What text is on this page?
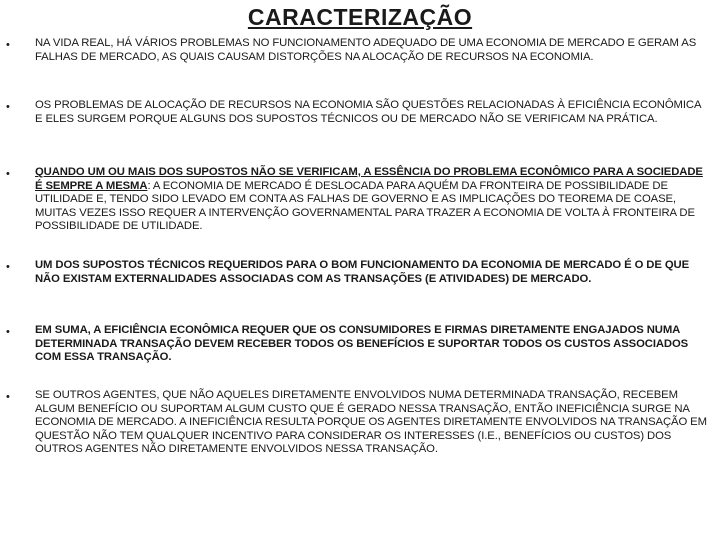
CARACTERIZAÇÃO
• NA VIDA REAL, HÁ VÁRIOS PROBLEMAS NO FUNCIONAMENTO ADEQUADO DE UMA ECONOMIA DE MERCADO E GERAM AS FALHAS DE MERCADO, AS QUAIS CAUSAM DISTORÇÕES NA ALOCAÇÃO DE RECURSOS NA ECONOMIA.
• OS PROBLEMAS DE ALOCAÇÃO DE RECURSOS NA ECONOMIA SÃO QUESTÕES RELACIONADAS À EFICIÊNCIA ECONÔMICA E ELES SURGEM PORQUE ALGUNS DOS SUPOSTOS TÉCNICOS OU DE MERCADO NÃO SE VERIFICAM NA PRÁTICA.
• QUANDO UM OU MAIS DOS SUPOSTOS NÃO SE VERIFICAM, A ESSÊNCIA DO PROBLEMA ECONÔMICO PARA A SOCIEDADE É SEMPRE A MESMA: A ECONOMIA DE MERCADO É DESLOCADA PARA AQUÉM DA FRONTEIRA DE POSSIBILIDADE DE UTILIDADE E, TENDO SIDO LEVADO EM CONTA AS FALHAS DE GOVERNO E AS IMPLICAÇÕES DO TEOREMA DE COASE, MUITAS VEZES ISSO REQUER A INTERVENÇÃO GOVERNAMENTAL PARA TRAZER A ECONOMIA DE VOLTA À FRONTEIRA DE POSSIBILIDADE DE UTILIDADE.
• UM DOS SUPOSTOS TÉCNICOS REQUERIDOS PARA O BOM FUNCIONAMENTO DA ECONOMIA DE MERCADO É O DE QUE NÃO EXISTAM EXTERNALIDADES ASSOCIADAS COM AS TRANSAÇÕES (E ATIVIDADES) DE MERCADO.
• EM SUMA, A EFICIÊNCIA ECONÔMICA REQUER QUE OS CONSUMIDORES E FIRMAS DIRETAMENTE ENGAJADOS NUMA DETERMINADA TRANSAÇÃO DEVEM RECEBER TODOS OS BENEFÍCIOS E SUPORTAR TODOS OS CUSTOS ASSOCIADOS COM ESSA TRANSAÇÃO.
• SE OUTROS AGENTES, QUE NÃO AQUELES DIRETAMENTE ENVOLVIDOS NUMA DETERMINADA TRANSAÇÃO, RECEBEM ALGUM BENEFÍCIO OU SUPORTAM ALGUM CUSTO QUE É GERADO NESSA TRANSAÇÃO, ENTÃO INEFICIÊNCIA SURGE NA ECONOMIA DE MERCADO. A INEFICIÊNCIA RESULTA PORQUE OS AGENTES DIRETAMENTE ENVOLVIDOS NA TRANSAÇÃO EM QUESTÃO NÃO TEM QUALQUER INCENTIVO PARA CONSIDERAR OS INTERESSES (I.E., BENEFÍCIOS OU CUSTOS) DOS OUTROS AGENTES NÃO DIRETAMENTE ENVOLVIDOS NESSA TRANSAÇÃO.
